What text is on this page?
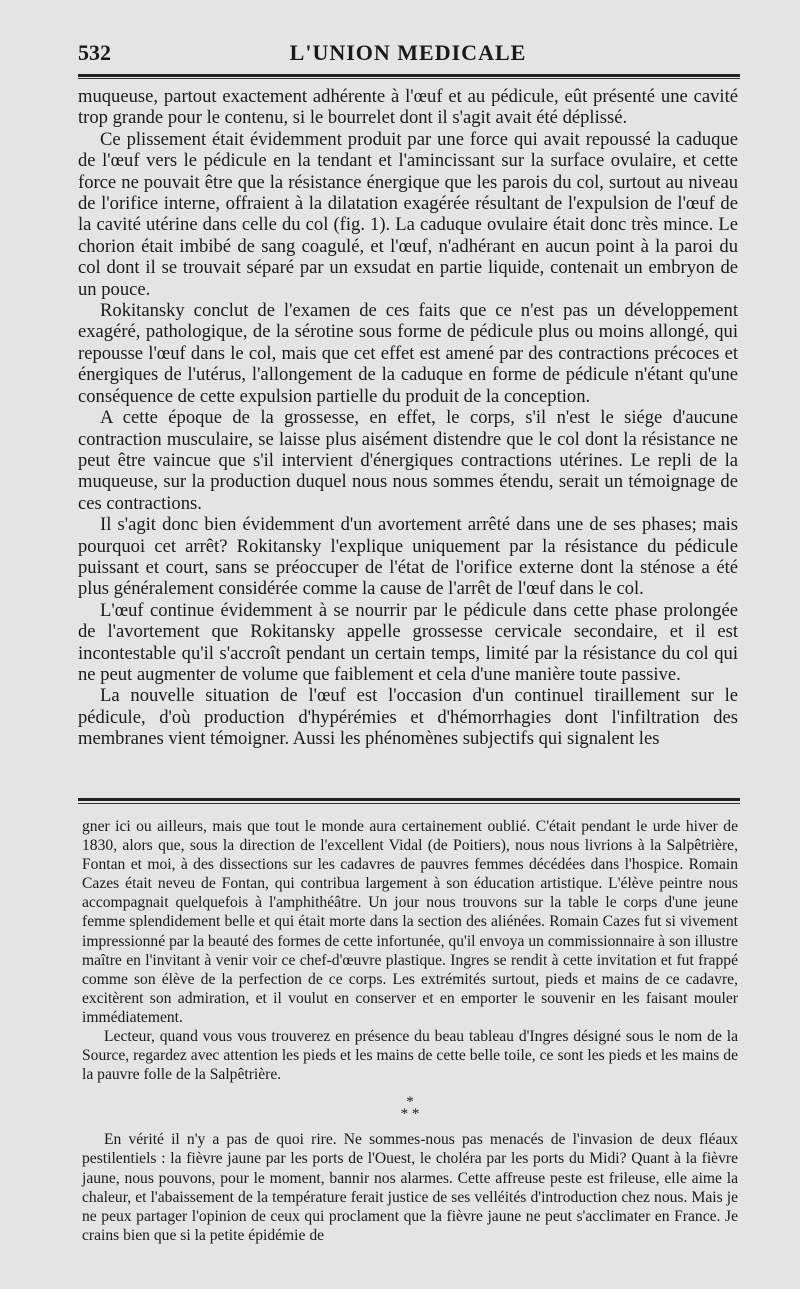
L'UNION MEDICALE
532

muqueuse, partout exactement adhérente à l'œuf et au pédicule, eût présenté une cavité trop grande pour le contenu, si le bourrelet dont il s'agit avait été déplissé.

Ce plissement était évidemment produit par une force qui avait repoussé la caduque de l'œuf vers le pédicule en la tendant et l'amincissant sur la surface ovulaire, et cette force ne pouvait être que la résistance énergique que les parois du col, surtout au niveau de l'orifice interne, offraient à la dilatation exagérée résultant de l'expulsion de l'œuf de la cavité utérine dans celle du col (fig. 1). La caduque ovulaire était donc très mince. Le chorion était imbibé de sang coagulé, et l'œuf, n'adhérant en aucun point à la paroi du col dont il se trouvait séparé par un exsudat en partie liquide, contenait un embryon de un pouce.

Rokitansky conclut de l'examen de ces faits que ce n'est pas un développement exagéré, pathologique, de la sérotine sous forme de pédicule plus ou moins allongé, qui repousse l'œuf dans le col, mais que cet effet est amené par des contractions précoces et énergiques de l'utérus, l'allongement de la caduque en forme de pédicule n'étant qu'une conséquence de cette expulsion partielle du produit de la conception.

A cette époque de la grossesse, en effet, le corps, s'il n'est le siége d'aucune contraction musculaire, se laisse plus aisément distendre que le col dont la résistance ne peut être vaincue que s'il intervient d'énergiques contractions utérines. Le repli de la muqueuse, sur la production duquel nous nous sommes étendu, serait un témoignage de ces contractions.

Il s'agit donc bien évidemment d'un avortement arrêté dans une de ses phases; mais pourquoi cet arrêt? Rokitansky l'explique uniquement par la résistance du pédicule puissant et court, sans se préoccuper de l'état de l'orifice externe dont la sténose a été plus généralement considérée comme la cause de l'arrêt de l'œuf dans le col.

L'œuf continue évidemment à se nourrir par le pédicule dans cette phase prolongée de l'avortement que Rokitansky appelle grossesse cervicale secondaire, et il est incontestable qu'il s'accroît pendant un certain temps, limité par la résistance du col qui ne peut augmenter de volume que faiblement et cela d'une manière toute passive.

La nouvelle situation de l'œuf est l'occasion d'un continuel tiraillement sur le pédicule, d'où production d'hypérémies et d'hémorrhagies dont l'infiltration des membranes vient témoigner. Aussi les phénomènes subjectifs qui signalent les

gner ici ou ailleurs, mais que tout le monde aura certainement oublié. C'était pendant le urde hiver de 1830, alors que, sous la direction de l'excellent Vidal (de Poitiers), nous nous livrions à la Salpêtrière, Fontan et moi, à des dissections sur les cadavres de pauvres femmes décédées dans l'hospice. Romain Cazes était neveu de Fontan, qui contribua largement à son éducation artistique. L'élève peintre nous accompagnait quelquefois à l'amphithéâtre. Un jour nous trouvons sur la table le corps d'une jeune femme splendidement belle et qui était morte dans la section des aliénées. Romain Cazes fut si vivement impressionné par la beauté des formes de cette infortunée, qu'il envoya un commissionnaire à son illustre maître en l'invitant à venir voir ce chef-d'œuvre plastique. Ingres se rendit à cette invitation et fut frappé comme son élève de la perfection de ce corps. Les extrémités surtout, pieds et mains de ce cadavre, excitèrent son admiration, et il voulut en conserver et en emporter le souvenir en les faisant mouler immédiatement.

Lecteur, quand vous vous trouverez en présence du beau tableau d'Ingres désigné sous le nom de la Source, regardez avec attention les pieds et les mains de cette belle toile, ce sont les pieds et les mains de la pauvre folle de la Salpêtrière.

*
* *

En vérité il n'y a pas de quoi rire. Ne sommes-nous pas menacés de l'invasion de deux fléaux pestilentiels : la fièvre jaune par les ports de l'Ouest, le choléra par les ports du Midi? Quant à la fièvre jaune, nous pouvons, pour le moment, bannir nos alarmes. Cette affreuse peste est frileuse, elle aime la chaleur, et l'abaissement de la température ferait justice de ses velléités d'introduction chez nous. Mais je ne peux partager l'opinion de ceux qui proclament que la fièvre jaune ne peut s'acclimater en France. Je crains bien que si la petite épidémie de
